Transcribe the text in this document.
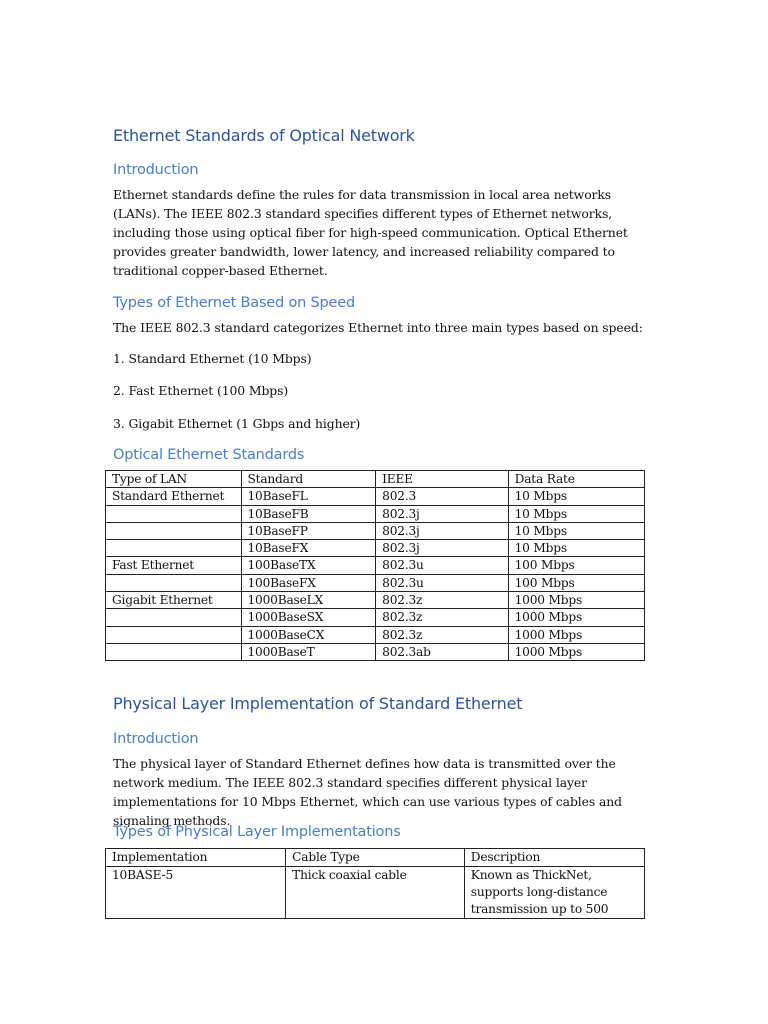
Ethernet Standards of Optical Network
Introduction

Ethernet standards define the rules for data transmission in local area networks (LANs). The IEEE 802.3 standard specifies different types of Ethernet networks, including those using optical fiber for high-speed communication. Optical Ethernet provides greater bandwidth, lower latency, and increased reliability compared to traditional copper-based Ethernet.

Types of Ethernet Based on Speed

The IEEE 802.3 standard categorizes Ethernet into three main types based on speed:

1. Standard Ethernet (10 Mbps)

2. Fast Ethernet (100 Mbps)

3. Gigabit Ethernet (1 Gbps and higher)

Optical Ethernet Standards
Type of LAN	Standard	IEEE	Data Rate
Standard Ethernet	10BaseFL	802.3	10 Mbps
	10BaseFB	802.3j	10 Mbps
	10BaseFP	802.3j	10 Mbps
	10BaseFX	802.3j	10 Mbps
Fast Ethernet	100BaseTX	802.3u	100 Mbps
	100BaseFX	802.3u	100 Mbps
Gigabit Ethernet	1000BaseLX	802.3z	1000 Mbps
	1000BaseSX	802.3z	1000 Mbps
	1000BaseCX	802.3z	1000 Mbps
	1000BaseT	802.3ab	1000 Mbps
Physical Layer Implementation of Standard Ethernet
Introduction

The physical layer of Standard Ethernet defines how data is transmitted over the network medium. The IEEE 802.3 standard specifies different physical layer implementations for 10 Mbps Ethernet, which can use various types of cables and signaling methods.

Types of Physical Layer Implementations
Implementation	Cable Type	Description
10BASE-5	Thick coaxial cable	Known as ThickNet, supports long-distance transmission up to 500
